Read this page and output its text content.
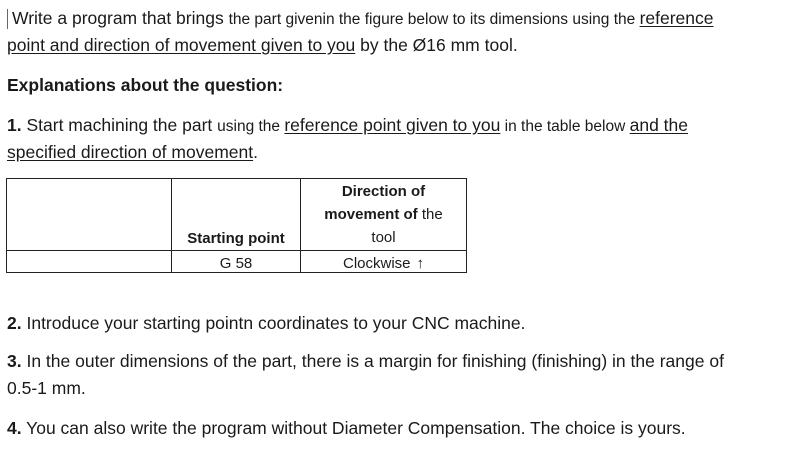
Write a program that brings the part givenin the figure below to its dimensions using the reference
point and direction of movement given to you by the Ø16 mm tool.
Explanations about the question:
1. Start machining the part using the reference point given to you in the table below and the
specified direction of movement.
	Starting point	Direction of
movement of the
tool
	G 58	Clockwise ↑
2. Introduce your starting pointn coordinates to your CNC machine.
3. In the outer dimensions of the part, there is a margin for finishing (finishing) in the range of
0.5-1 mm.
4. You can also write the program without Diameter Compensation. The choice is yours.
